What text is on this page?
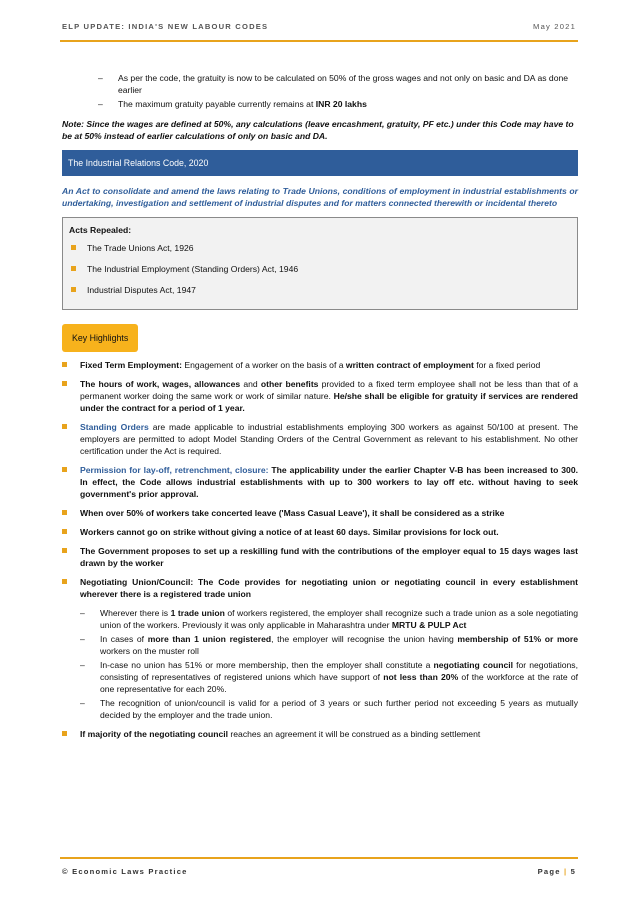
ELP UPDATE: INDIA'S NEW LABOUR CODES	May 2021
– As per the code, the gratuity is now to be calculated on 50% of the gross wages and not only on basic and DA as done earlier
– The maximum gratuity payable currently remains at INR 20 lakhs
Note: Since the wages are defined at 50%, any calculations (leave encashment, gratuity, PF etc.) under this Code may have to be at 50% instead of earlier calculations of only on basic and DA.
The Industrial Relations Code, 2020
An Act to consolidate and amend the laws relating to Trade Unions, conditions of employment in industrial establishments or undertaking, investigation and settlement of industrial disputes and for matters connected therewith or incidental thereto
Acts Repealed:
The Trade Unions Act, 1926
The Industrial Employment (Standing Orders) Act, 1946
Industrial Disputes Act, 1947
Key Highlights
Fixed Term Employment: Engagement of a worker on the basis of a written contract of employment for a fixed period
The hours of work, wages, allowances and other benefits provided to a fixed term employee shall not be less than that of a permanent worker doing the same work or work of similar nature. He/she shall be eligible for gratuity if services are rendered under the contract for a period of 1 year.
Standing Orders are made applicable to industrial establishments employing 300 workers as against 50/100 at present. The employers are permitted to adopt Model Standing Orders of the Central Government as relevant to his establishment. No other certification under the Act is required.
Permission for lay-off, retrenchment, closure: The applicability under the earlier Chapter V-B has been increased to 300. In effect, the Code allows industrial establishments with up to 300 workers to lay off etc. without having to seek government's prior approval.
When over 50% of workers take concerted leave ('Mass Casual Leave'), it shall be considered as a strike
Workers cannot go on strike without giving a notice of at least 60 days. Similar provisions for lock out.
The Government proposes to set up a reskilling fund with the contributions of the employer equal to 15 days wages last drawn by the worker
Negotiating Union/Council: The Code provides for negotiating union or negotiating council in every establishment wherever there is a registered trade union
– Wherever there is 1 trade union of workers registered, the employer shall recognize such a trade union as a sole negotiating union of the workers. Previously it was only applicable in Maharashtra under MRTU & PULP Act
– In cases of more than 1 union registered, the employer will recognise the union having membership of 51% or more workers on the muster roll
– In-case no union has 51% or more membership, then the employer shall constitute a negotiating council for negotiations, consisting of representatives of registered unions which have support of not less than 20% of the workforce at the rate of one representative for each 20%.
– The recognition of union/council is valid for a period of 3 years or such further period not exceeding 5 years as mutually decided by the employer and the trade union.
If majority of the negotiating council reaches an agreement it will be construed as a binding settlement
© Economic Laws Practice	Page | 5
